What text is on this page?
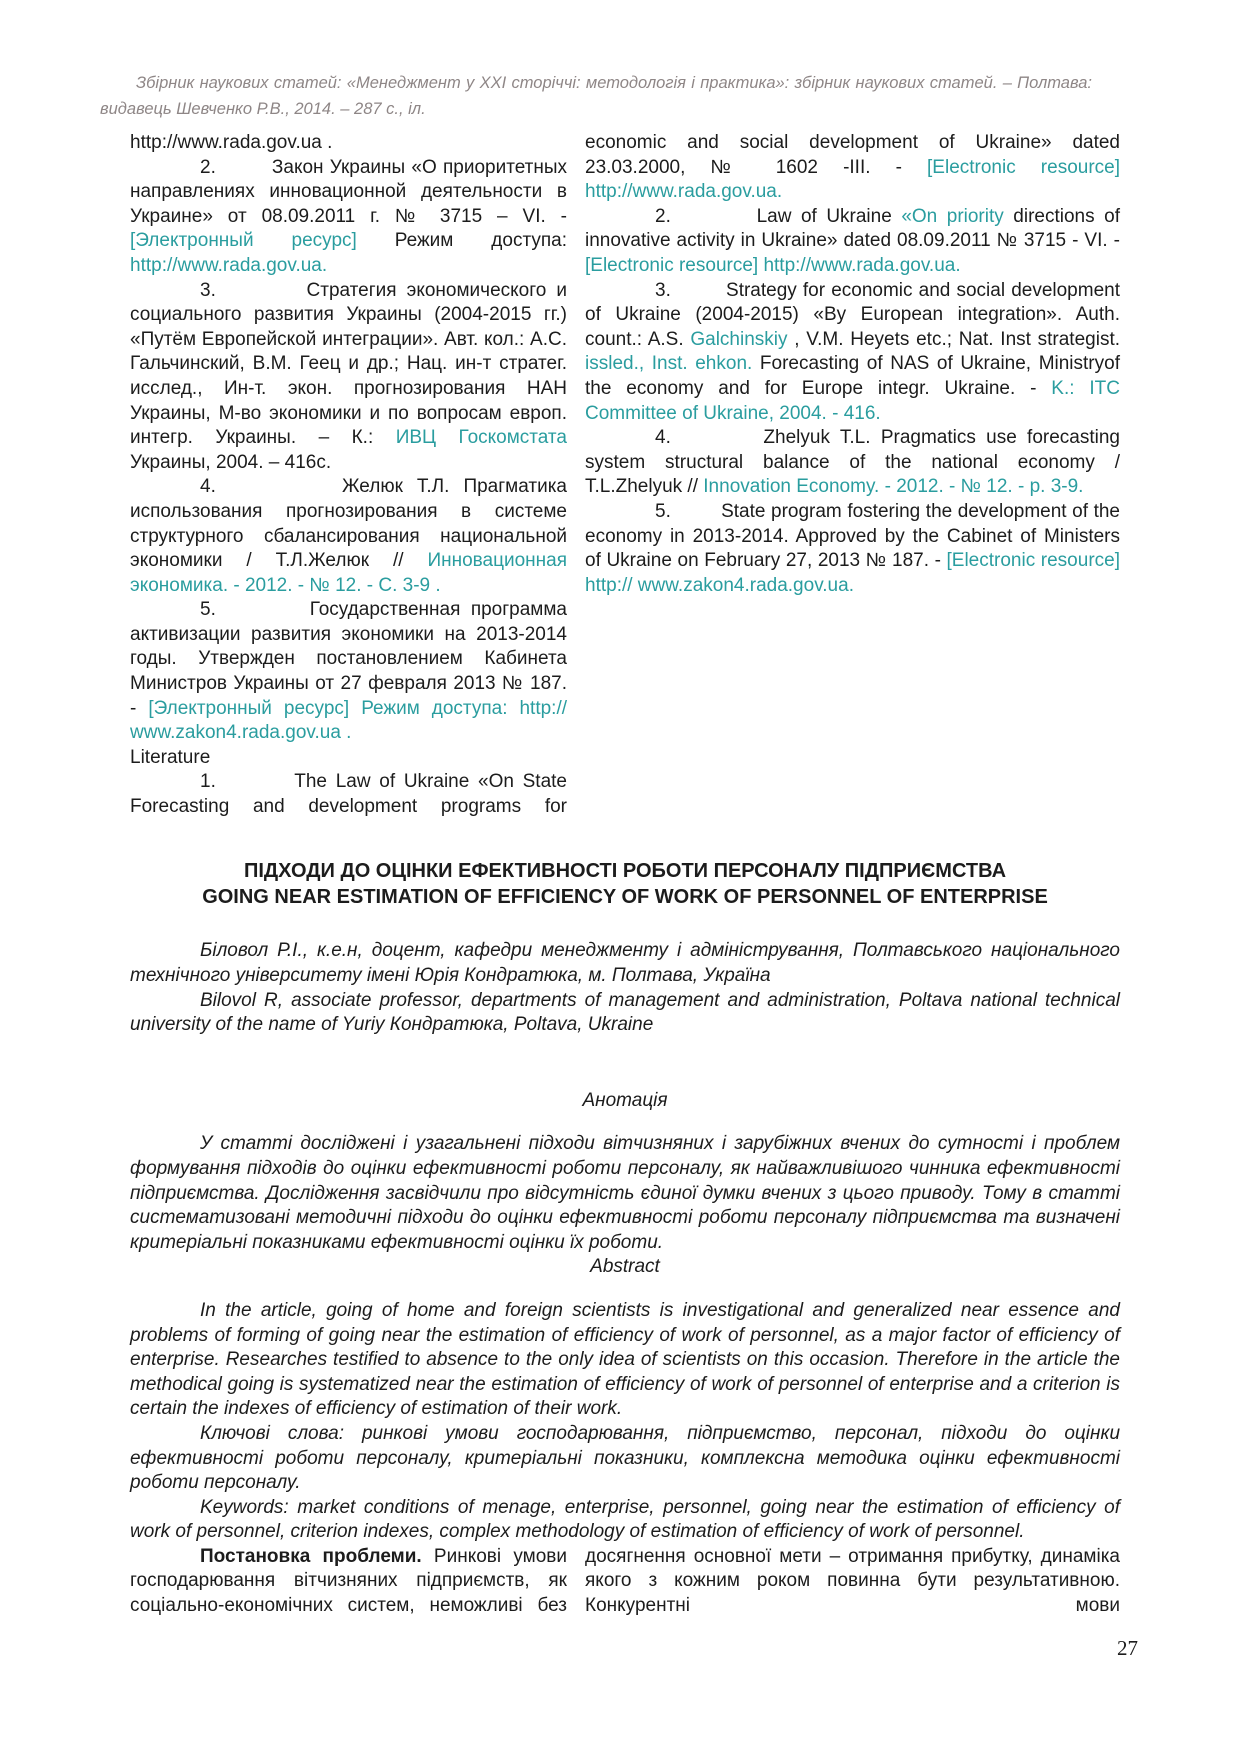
Збірник наукових статей: «Менеджмент у XXI сторіччі: методологія і практика»: збірник наукових статей. – Полтава: видавець Шевченко Р.В., 2014. – 287 с., іл.

http://www.rada.gov.ua .

2.         Закон Украины «О приоритетных направлениях инновационной деятельности в Украине» от 08.09.2011 г. № 3715 – VI. - [Электронный ресурс] Режим доступа: http://www.rada.gov.ua.

3.         Стратегия экономического и социального развития Украины (2004-2015 гг.) «Путём Европейской интеграции». Авт. кол.: А.С. Гальчинский, В.М. Геец и др.; Нац. ин-т стратег. исслед., Ин-т. экон. прогнозирования НАН Украины, М-во экономики и по вопросам европ. интегр. Украины. – К.: ИВЦ Госкомстата Украины, 2004. – 416с.

4.         Желюк Т.Л. Прагматика использования прогнозирования в системе структурного сбалансирования национальной экономики / Т.Л.Желюк // Инновационная экономика. - 2012. - № 12. - С. 3-9 .

5.         Государственная программа активизации развития экономики на 2013-2014 годы. Утвержден постановлением Кабинета Министров Украины от 27 февраля 2013 № 187. - [Электронный ресурс] Режим доступа: http:// www.zakon4.rada.gov.ua .

Literature

1.         The Law of Ukraine «On State Forecasting and development programs for

economic and social development of Ukraine» dated 23.03.2000, № 1602 -III. - [Electronic resource] http://www.rada.gov.ua.

2.         Law of Ukraine «On priority directions of innovative activity in Ukraine» dated 08.09.2011 № 3715 - VI. - [Electronic resource] http://www.rada.gov.ua.

3.         Strategy for economic and social development of Ukraine (2004-2015) «By European integration». Auth. count.: A.S. Galchinskiy , V.M. Heyets etc.; Nat. Inst strategist. issled., Inst. ehkon. Forecasting of NAS of Ukraine, Ministryof the economy and for Europe integr. Ukraine. - K.: ITC Committee of Ukraine, 2004. - 416.

4.         Zhelyuk T.L. Pragmatics use forecasting system structural balance of the national economy / T.L.Zhelyuk // Innovation Economy. - 2012. - № 12. - p. 3-9.

5.         State program fostering the development of the economy in 2013-2014. Approved by the Cabinet of Ministers of Ukraine on February 27, 2013 № 187. - [Electronic resource] http:// www.zakon4.rada.gov.ua.

ПІДХОДИ ДО ОЦІНКИ ЕФЕКТИВНОСТІ РОБОТИ ПЕРСОНАЛУ ПІДПРИЄМСТВА
GOING NEAR ESTIMATION OF EFFICIENCY OF WORK OF PERSONNEL OF ENTERPRISE

Біловол Р.І., к.е.н, доцент, кафедри менеджменту і адміністрування, Полтавського національного технічного університету імені Юрія Кондратюка, м. Полтава, Україна

Bilovol R, associate professor, departments of management and administration, Poltava national technical university of the name of Yuriy Кондратюка, Poltava, Ukraine

Анотація

У статті досліджені і узагальнені підходи вітчизняних і зарубіжних вчених до сутності і проблем формування підходів до оцінки ефективності роботи персоналу, як найважливішого чинника ефективності підприємства. Дослідження засвідчили про відсутність єдиної думки вчених з цього приводу. Тому в статті систематизовані методичні підходи до оцінки ефективності роботи персоналу підприємства та визначені критеріальні показниками ефективності оцінки їх роботи.

Abstract

In the article, going of home and foreign scientists is investigational and generalized near essence and problems of forming of going near the estimation of efficiency of work of personnel, as a major factor of efficiency of enterprise. Researches testified to absence to the only idea of scientists on this occasion. Therefore in the article the methodical going is systematized near the estimation of efficiency of work of personnel of enterprise and a criterion is certain the indexes of efficiency of estimation of their work.

Ключові слова: ринкові умови господарювання, підприємство, персонал, підходи до оцінки ефективності роботи персоналу, критеріальні показники, комплексна методика оцінки ефективності роботи персоналу.

Keywords: market conditions of menage, enterprise, personnel, going near the estimation of efficiency of work of personnel, criterion indexes, complex methodology of estimation of efficiency of work of personnel.

Постановка проблеми. Ринкові умови господарювання вітчизняних підприємств, як соціально-економічних систем, неможливі без

досягнення основної мети – отримання прибутку, динаміка якого з кожним роком повинна бути результативною. Конкурентні мови

27
